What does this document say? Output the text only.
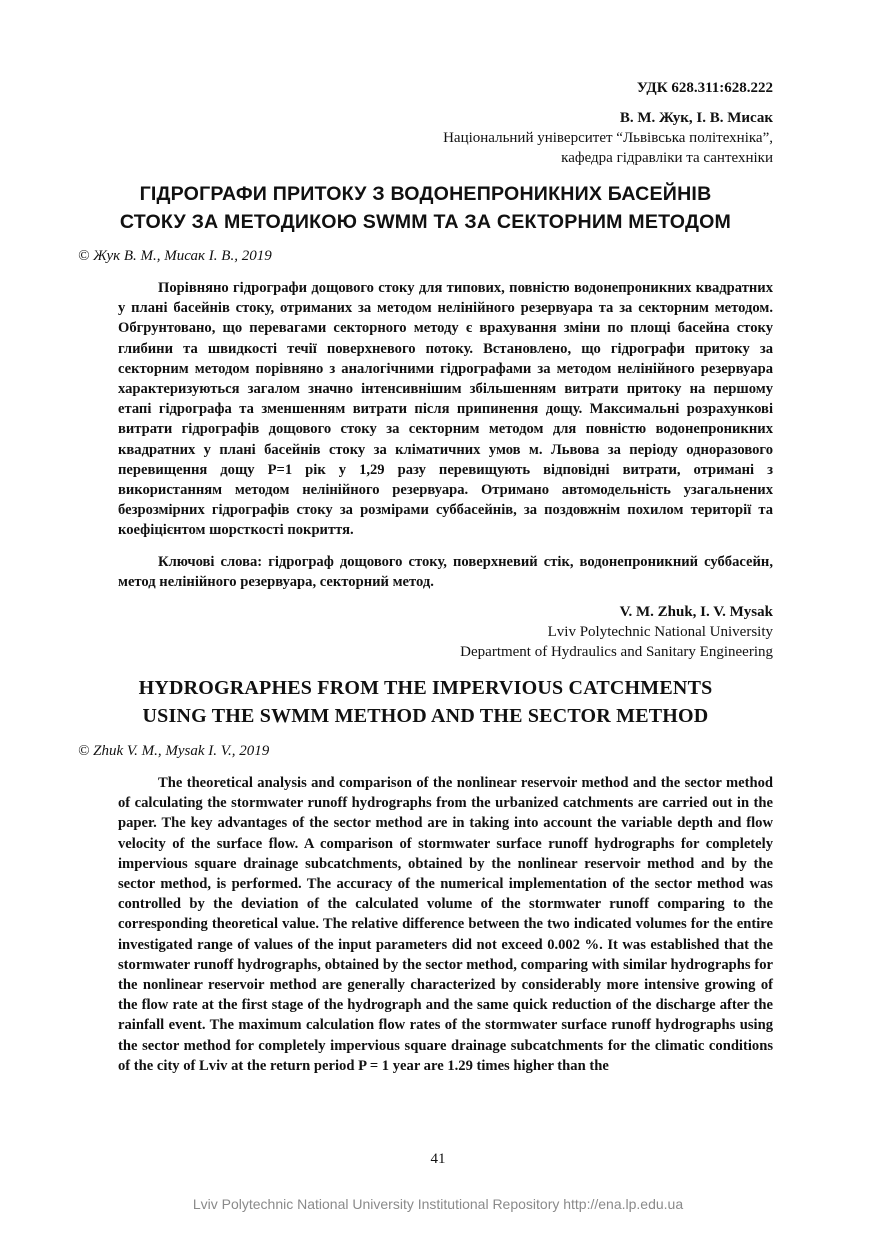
УДК 628.311:628.222
В. М. Жук, І. В. Мисак
Національний університет “Львівська політехніка”,
кафедра гідравліки та сантехніки
ГІДРОГРАФИ ПРИТОКУ З ВОДОНЕПРОНИКНИХ БАСЕЙНІВ
СТОКУ ЗА МЕТОДИКОЮ SWMM ТА ЗА СЕКТОРНИМ МЕТОДОМ
© Жук В. М., Мисак І. В., 2019

Порівняно гідрографи дощового стоку для типових, повністю водонепроникних квадратних у плані басейнів стоку, отриманих за методом нелінійного резервуара та за секторним методом. Обгрунтовано, що перевагами секторного методу є врахування зміни по площі басейна стоку глибини та швидкості течії поверхневого потоку. Встановлено, що гідрографи притоку за секторним методом порівняно з аналогічними гідрографами за методом нелінійного резервуара характеризуються загалом значно інтенсивнішим збільшенням витрати притоку на першому етапі гідрографа та зменшенням витрати після припинення дощу. Максимальні розрахункові витрати гідрографів дощового стоку за секторним методом для повністю водонепроникних квадратних у плані басейнів стоку за кліматичних умов м. Львова за періоду одноразового перевищення дощу Р=1 рік у 1,29 разу перевищують відповідні витрати, отримані з використанням методом нелінійного резервуара. Отримано автомодельність узагальнених безрозмірних гідрографів стоку за розмірами суббасейнів, за поздовжнім похилом території та коефіцієнтом шорсткості покриття.

Ключові слова: гідрограф дощового стоку, поверхневий стік, водонепроникний суббасейн, метод нелінійного резервуара, секторний метод.

V. M. Zhuk, I. V. Mysak
Lviv Polytechnic National University
Department of Hydraulics and Sanitary Engineering
HYDROGRAPHES FROM THE IMPERVIOUS CATCHMENTS
USING THE SWMM METHOD AND THE SECTOR METHOD
© Zhuk V. M., Mysak I. V., 2019

The theoretical analysis and comparison of the nonlinear reservoir method and the sector method of calculating the stormwater runoff hydrographs from the urbanized catchments are carried out in the paper. The key advantages of the sector method are in taking into account the variable depth and flow velocity of the surface flow. A comparison of stormwater surface runoff hydrographs for completely impervious square drainage subcatchments, obtained by the nonlinear reservoir method and by the sector method, is performed. The accuracy of the numerical implementation of the sector method was controlled by the deviation of the calculated volume of the stormwater runoff comparing to the corresponding theoretical value. The relative difference between the two indicated volumes for the entire investigated range of values of the input parameters did not exceed 0.002 %. It was established that the stormwater runoff hydrographs, obtained by the sector method, comparing with similar hydrographs for the nonlinear reservoir method are generally characterized by considerably more intensive growing of the flow rate at the first stage of the hydrograph and the same quick reduction of the discharge after the rainfall event. The maximum calculation flow rates of the stormwater surface runoff hydrographs using the sector method for completely impervious square drainage subcatchments for the climatic conditions of the city of Lviv at the return period P = 1 year are 1.29 times higher than the

41
Lviv Polytechnic National University Institutional Repository http://ena.lp.edu.ua
